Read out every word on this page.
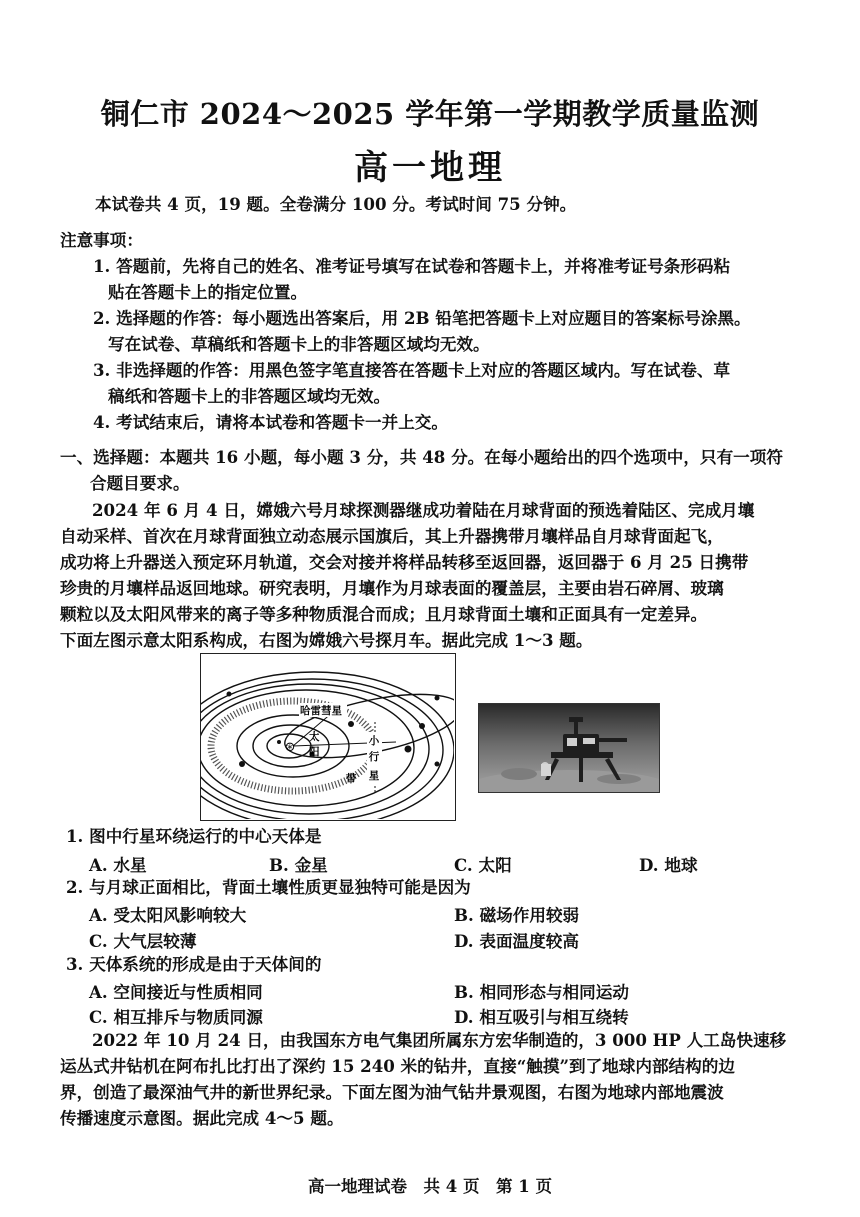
铜仁市 2024～2025 学年第一学期教学质量监测
高一地理
本试卷共 4 页，19 题。全卷满分 100 分。考试时间 75 分钟。
注意事项：
1. 答题前，先将自己的姓名、准考证号填写在试卷和答题卡上，并将准考证号条形码粘
贴在答题卡上的指定位置。
2. 选择题的作答：每小题选出答案后，用 2B 铅笔把答题卡上对应题目的答案标号涂黑。
写在试卷、草稿纸和答题卡上的非答题区域均无效。
3. 非选择题的作答：用黑色签字笔直接答在答题卡上对应的答题区域内。写在试卷、草
稿纸和答题卡上的非答题区域均无效。
4. 考试结束后，请将本试卷和答题卡一并上交。
一、选择题：本题共 16 小题，每小题 3 分，共 48 分。在每小题给出的四个选项中，只有一项符
合题目要求。
2024 年 6 月 4 日，嫦娥六号月球探测器继成功着陆在月球背面的预选着陆区、完成月壤
自动采样、首次在月球背面独立动态展示国旗后，其上升器携带月壤样品自月球背面起飞，
成功将上升器送入预定环月轨道，交会对接并将样品转移至返回器，返回器于 6 月 25 日携带
珍贵的月壤样品返回地球。研究表明，月壤作为月球表面的覆盖层，主要由岩石碎屑、玻璃
颗粒以及太阳风带来的离子等多种物质混合而成；且月球背面土壤和正面具有一定差异。
下面左图示意太阳系构成，右图为嫦娥六号探月车。据此完成 1～3 题。
⊛
太
阳
哈雷彗星
小
行
星
带
1. 图中行星环绕运行的中心天体是
A. 水星	B. 金星	C. 太阳	D. 地球
2. 与月球正面相比，背面土壤性质更显独特可能是因为
A. 受太阳风影响较大	B. 磁场作用较弱
C. 大气层较薄	D. 表面温度较高
3. 天体系统的形成是由于天体间的
A. 空间接近与性质相同	B. 相同形态与相同运动
C. 相互排斥与物质同源	D. 相互吸引与相互绕转
2022 年 10 月 24 日，由我国东方电气集团所属东方宏华制造的，3 000 HP 人工岛快速移
运丛式井钻机在阿布扎比打出了深约 15 240 米的钻井，直接“触摸”到了地球内部结构的边
界，创造了最深油气井的新世界纪录。下面左图为油气钻井景观图，右图为地球内部地震波
传播速度示意图。据此完成 4～5 题。
高一地理试卷　共 4 页　第 1 页
